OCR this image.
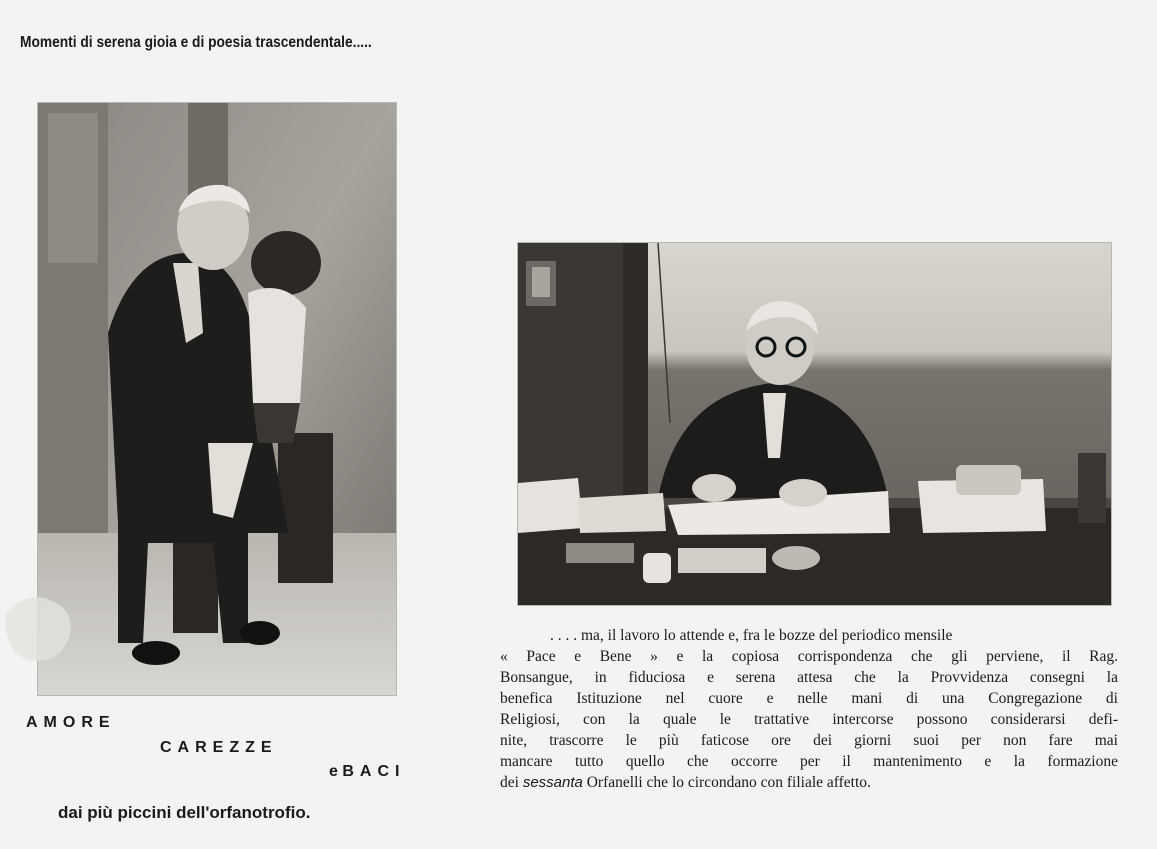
Momenti di serena gioia e di poesia trascendentale.....
AMORE
CAREZZE
e BACI
dai più piccini dell'orfanotrofio.

. . . . ma, il lavoro lo attende e, fra le bozze del periodico mensile
« Pace e Bene » e la copiosa corrispondenza che gli perviene, il Rag.
Bonsangue, in fiduciosa e serena attesa che la Provvidenza consegni la
benefica Istituzione nel cuore e nelle mani di una Congregazione di
Religiosi, con la quale le trattative intercorse possono considerarsi defi-
nite, trascorre le più faticose ore dei giorni suoi per non fare mai
mancare tutto quello che occorre per il mantenimento e la formazione
dei sessanta Orfanelli che lo circondano con filiale affetto.
